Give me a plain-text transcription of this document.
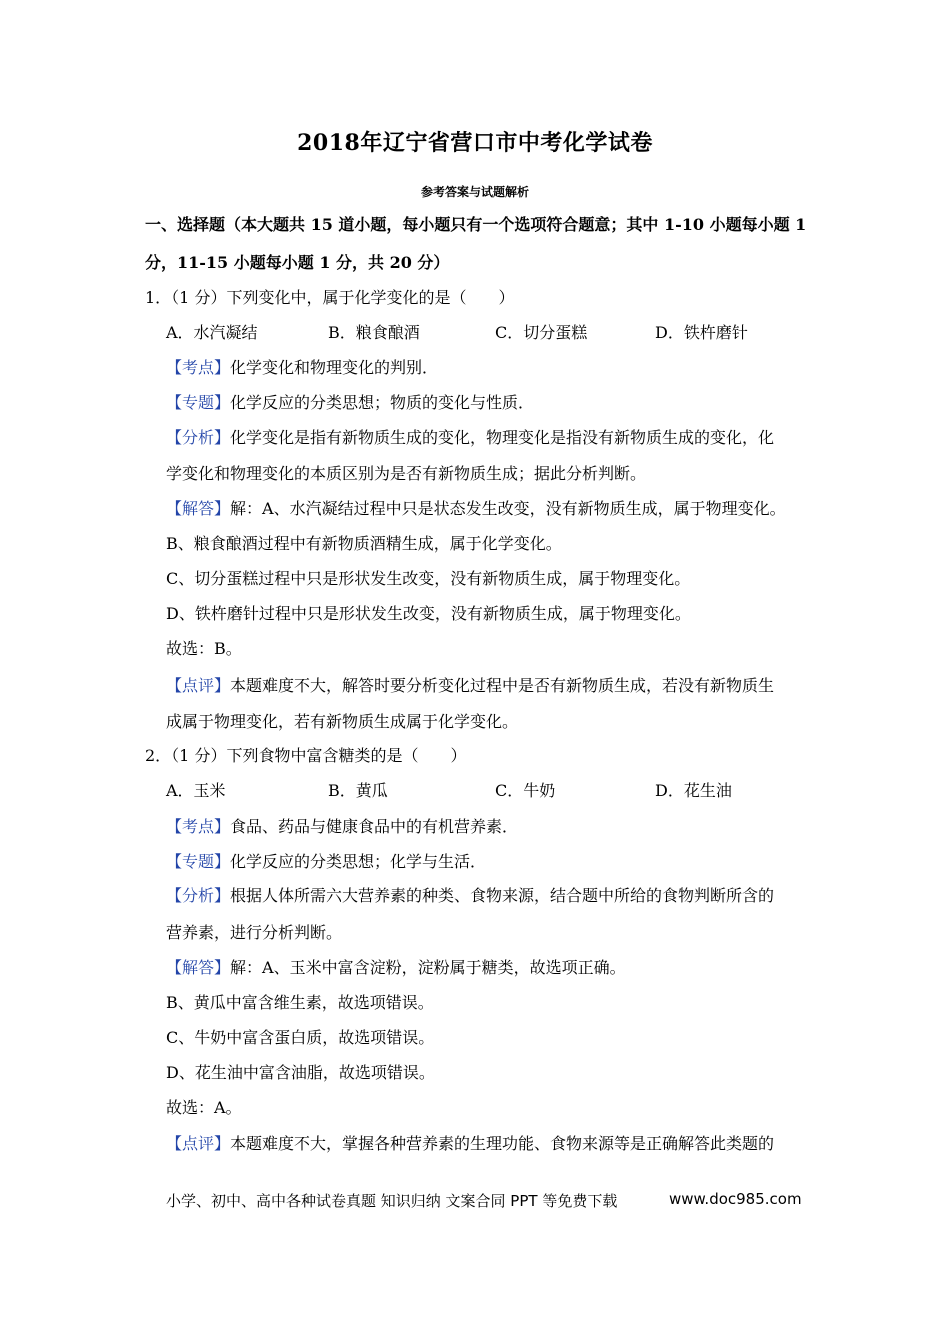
2018年辽宁省营口市中考化学试卷
参考答案与试题解析
一、选择题（本大题共 15 道小题，每小题只有一个选项符合题意；其中 1-10 小题每小题 1
分，11-15 小题每小题 1 分，共 20 分）
1．（1 分）下列变化中，属于化学变化的是（　　）
A．水汽凝结	B．粮食酿酒	C．切分蛋糕	D．铁杵磨针
【考点】化学变化和物理变化的判别．
【专题】化学反应的分类思想；物质的变化与性质．
【分析】化学变化是指有新物质生成的变化，物理变化是指没有新物质生成的变化，化
学变化和物理变化的本质区别为是否有新物质生成；据此分析判断。
【解答】解：A、水汽凝结过程中只是状态发生改变，没有新物质生成，属于物理变化。
B、粮食酿酒过程中有新物质酒精生成，属于化学变化。
C、切分蛋糕过程中只是形状发生改变，没有新物质生成，属于物理变化。
D、铁杵磨针过程中只是形状发生改变，没有新物质生成，属于物理变化。
故选：B。
【点评】本题难度不大，解答时要分析变化过程中是否有新物质生成，若没有新物质生
成属于物理变化，若有新物质生成属于化学变化。
2．（1 分）下列食物中富含糖类的是（　　）
A．玉米	B．黄瓜	C．牛奶	D．花生油
【考点】食品、药品与健康食品中的有机营养素．
【专题】化学反应的分类思想；化学与生活．
【分析】根据人体所需六大营养素的种类、食物来源，结合题中所给的食物判断所含的
营养素，进行分析判断。
【解答】解：A、玉米中富含淀粉，淀粉属于糖类，故选项正确。
B、黄瓜中富含维生素，故选项错误。
C、牛奶中富含蛋白质，故选项错误。
D、花生油中富含油脂，故选项错误。
故选：A。
【点评】本题难度不大，掌握各种营养素的生理功能、食物来源等是正确解答此类题的
小学、初中、高中各种试卷真题 知识归纳 文案合同 PPT 等免费下载	www.doc985.com
